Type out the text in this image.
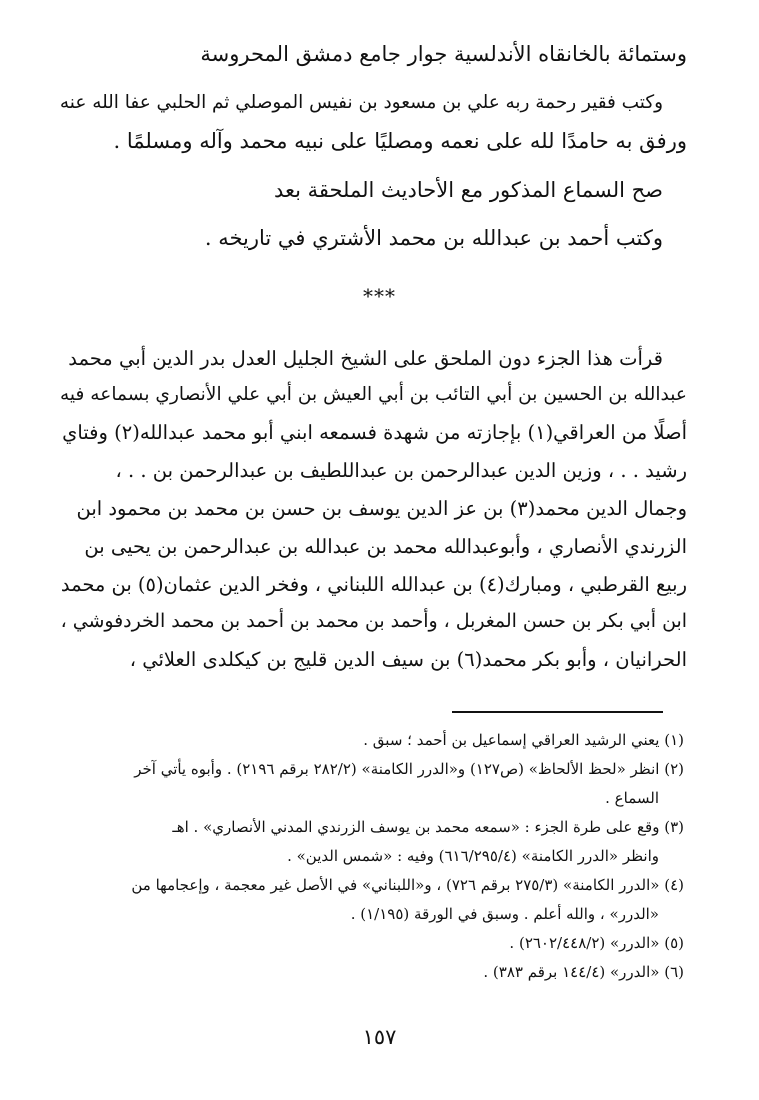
وستمائة بالخانقاه الأندلسية جوار جامع دمشق المحروسة
وكتب فقير رحمة ربه علي بن مسعود بن نفيس الموصلي ثم الحلبي عفا الله عنه
ورفق به حامدًا لله على نعمه ومصليًا على نبيه محمد وآله ومسلمًا .
صح السماع المذكور مع الأحاديث الملحقة بعد
وكتب أحمد بن عبدالله بن محمد الأشتري في تاريخه .
***
قرأت هذا الجزء دون الملحق على الشيخ الجليل العدل بدر الدين أبي محمد
عبدالله بن الحسين بن أبي التائب بن أبي العيش بن أبي علي الأنصاري بسماعه فيه
أصلًا من العراقي(١) بإجازته من شهدة فسمعه ابني أبو محمد عبدالله(٢) وفتاي
رشيد . . ، وزين الدين عبدالرحمن بن عبداللطيف بن عبدالرحمن بن . . ،
وجمال الدين محمد(٣) بن عز الدين يوسف بن حسن بن محمد بن محمود ابن
الزرندي الأنصاري ، وأبوعبدالله محمد بن عبدالله بن عبدالرحمن بن يحيى بن
ربيع القرطبي ، ومبارك(٤) بن عبدالله اللبناني ، وفخر الدين عثمان(٥) بن محمد
ابن أبي بكر بن حسن المغربل ، وأحمد بن محمد بن أحمد بن محمد الخردفوشي ،
الحرانيان ، وأبو بكر محمد(٦) بن سيف الدين قليج بن كيكلدى العلائي ،
(١) يعني الرشيد العراقي إسماعيل بن أحمد ؛ سبق .
(٢) انظر «لحظ الألحاظ» (ص١٢٧) و«الدرر الكامنة» (٢٨٢/٢ برقم ٢١٩٦) . وأبوه يأتي آخر
السماع .
(٣) وقع على طرة الجزء : «سمعه محمد بن يوسف الزرندي المدني الأنصاري» . اهـ
وانظر «الدرر الكامنة» (٦١٦/٢٩٥/٤) وفيه : «شمس الدين» .
(٤) «الدرر الكامنة» (٢٧٥/٣ برقم ٧٢٦) ، و«اللبناني» في الأصل غير معجمة ، وإعجامها من
«الدرر» ، والله أعلم . وسبق في الورقة (١/١٩٥) .
(٥) «الدرر» (٢٦٠٢/٤٤٨/٢) .
(٦) «الدرر» (١٤٤/٤ برقم ٣٨٣) .
١٥٧
